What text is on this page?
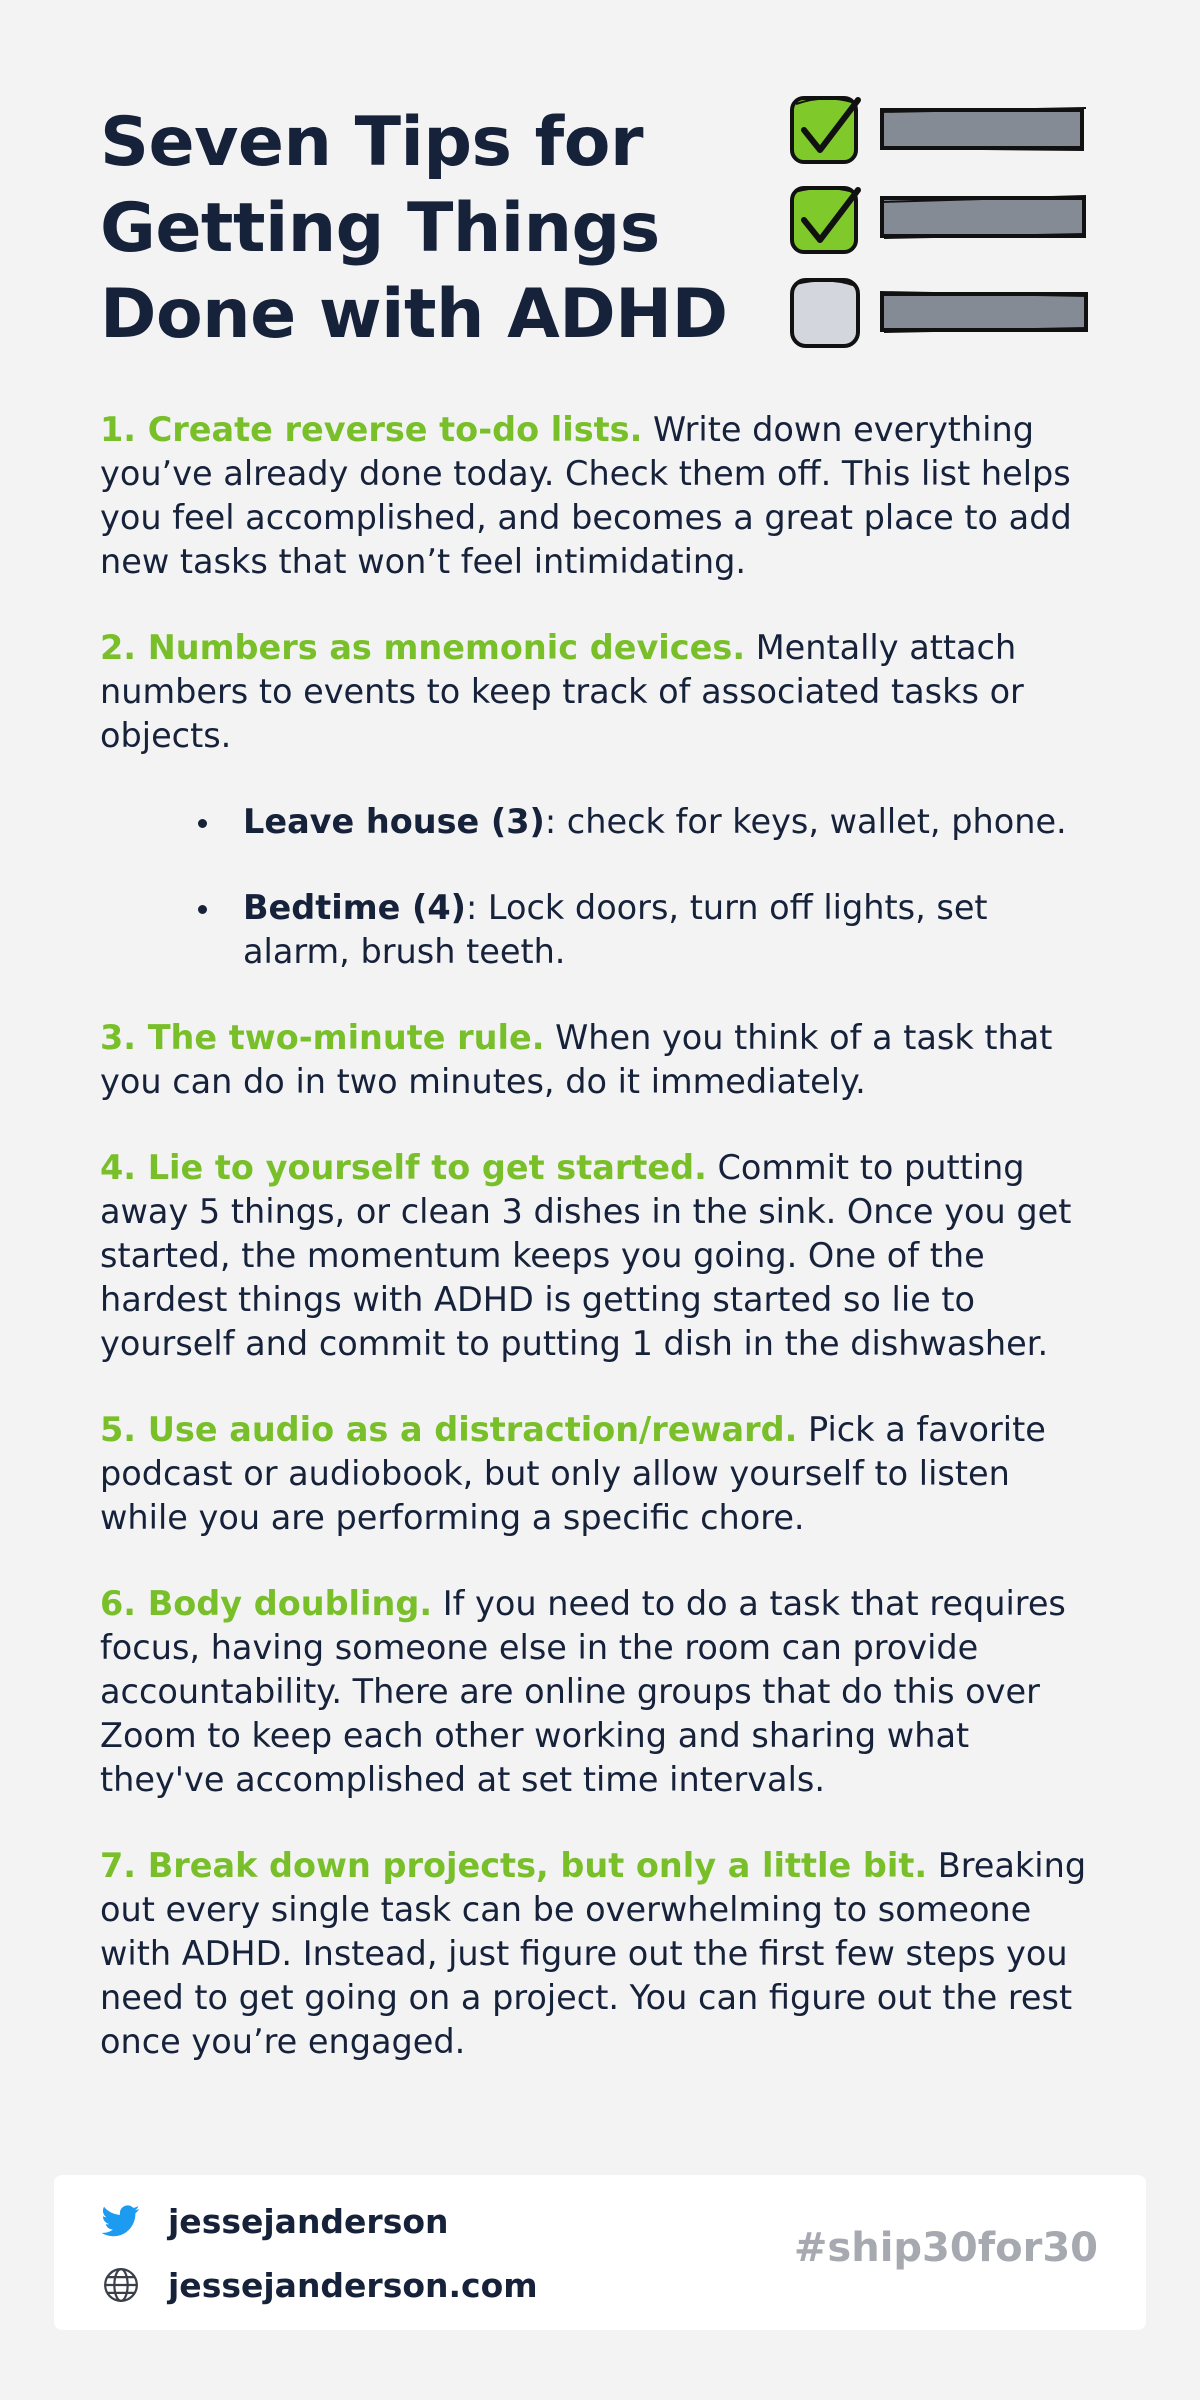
Seven Tips for
Getting Things
Done with ADHD

1. Create reverse to-do lists. Write down everything you’ve already done today. Check them off. This list helps you feel accomplished, and becomes a great place to add new tasks that won’t feel intimidating.

2. Numbers as mnemonic devices. Mentally attach numbers to events to keep track of associated tasks or objects.

Leave house (3): check for keys, wallet, phone.
Bedtime (4): Lock doors, turn off lights, set alarm, brush teeth.

3. The two-minute rule. When you think of a task that you can do in two minutes, do it immediately.

4. Lie to yourself to get started. Commit to putting away 5 things, or clean 3 dishes in the sink. Once you get started, the momentum keeps you going. One of the hardest things with ADHD is getting started so lie to yourself and commit to putting 1 dish in the dishwasher.

5. Use audio as a distraction/reward. Pick a favorite podcast or audiobook, but only allow yourself to listen while you are performing a specific chore.

6. Body doubling. If you need to do a task that requires focus, having someone else in the room can provide accountability. There are online groups that do this over Zoom to keep each other working and sharing what they've accomplished at set time intervals.

7. Break down projects, but only a little bit. Breaking out every single task can be overwhelming to someone with ADHD. Instead, just figure out the first few steps you need to get going on a project. You can figure out the rest once you’re engaged.

jessejanderson
jessejanderson.com
#ship30for30
